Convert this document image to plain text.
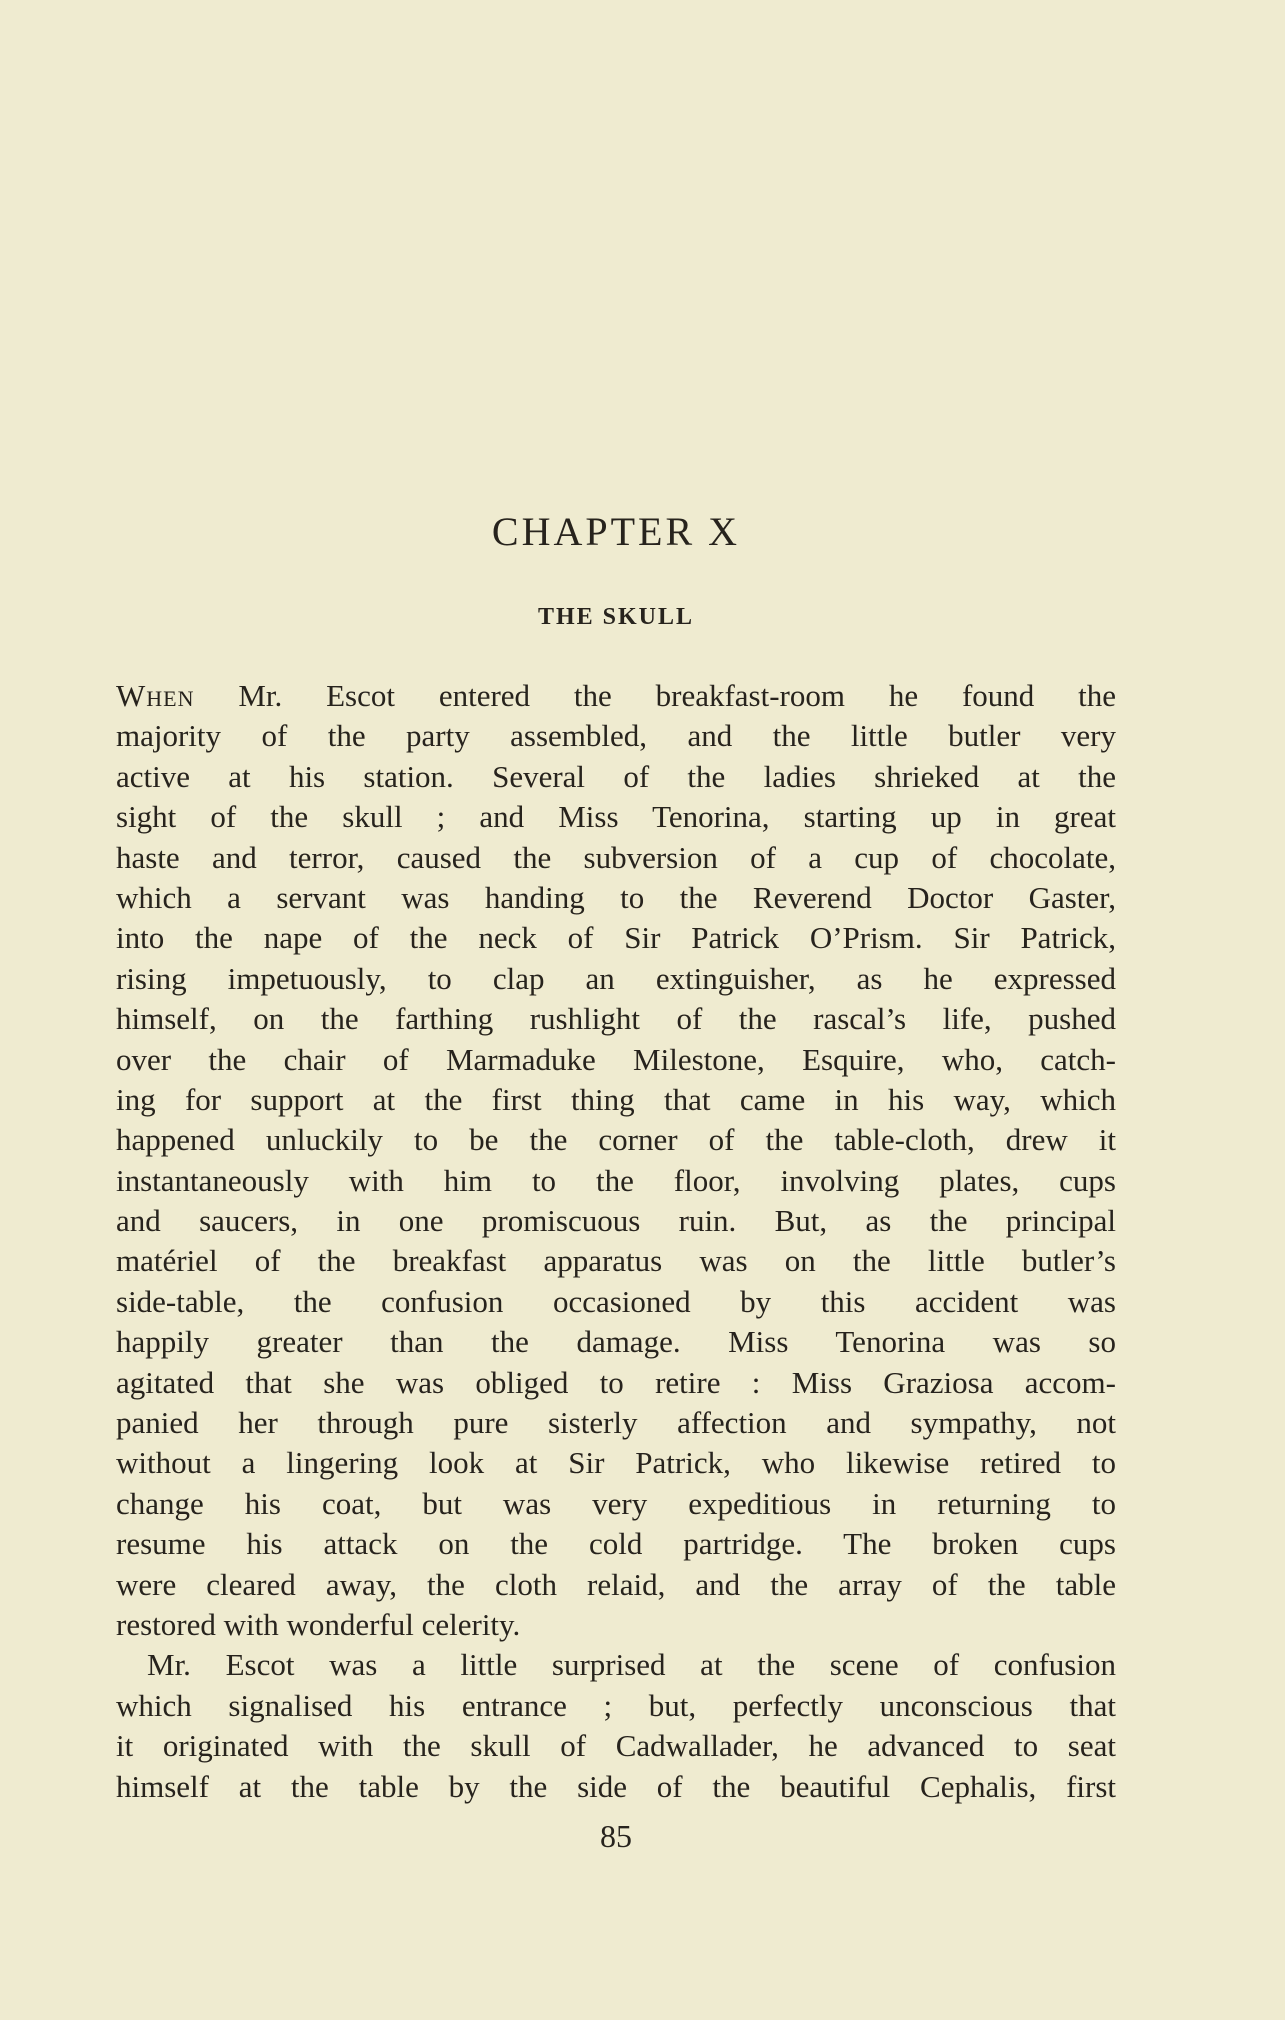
CHAPTER X
THE SKULL
When Mr. Escot entered the breakfast-room he found the
majority of the party assembled, and the little butler very
active at his station. Several of the ladies shrieked at the
sight of the skull ; and Miss Tenorina, starting up in great
haste and terror, caused the subversion of a cup of chocolate,
which a servant was handing to the Reverend Doctor Gaster,
into the nape of the neck of Sir Patrick O’Prism. Sir Patrick,
rising impetuously, to clap an extinguisher, as he expressed
himself, on the farthing rushlight of the rascal’s life, pushed
over the chair of Marmaduke Milestone, Esquire, who, catch-
ing for support at the first thing that came in his way, which
happened unluckily to be the corner of the table-cloth, drew it
instantaneously with him to the floor, involving plates, cups
and saucers, in one promiscuous ruin. But, as the principal
matériel of the breakfast apparatus was on the little butler’s
side-table, the confusion occasioned by this accident was
happily greater than the damage. Miss Tenorina was so
agitated that she was obliged to retire : Miss Graziosa accom-
panied her through pure sisterly affection and sympathy, not
without a lingering look at Sir Patrick, who likewise retired to
change his coat, but was very expeditious in returning to
resume his attack on the cold partridge. The broken cups
were cleared away, the cloth relaid, and the array of the table
restored with wonderful celerity.
Mr. Escot was a little surprised at the scene of confusion
which signalised his entrance ; but, perfectly unconscious that
it originated with the skull of Cadwallader, he advanced to seat
himself at the table by the side of the beautiful Cephalis, first
85
